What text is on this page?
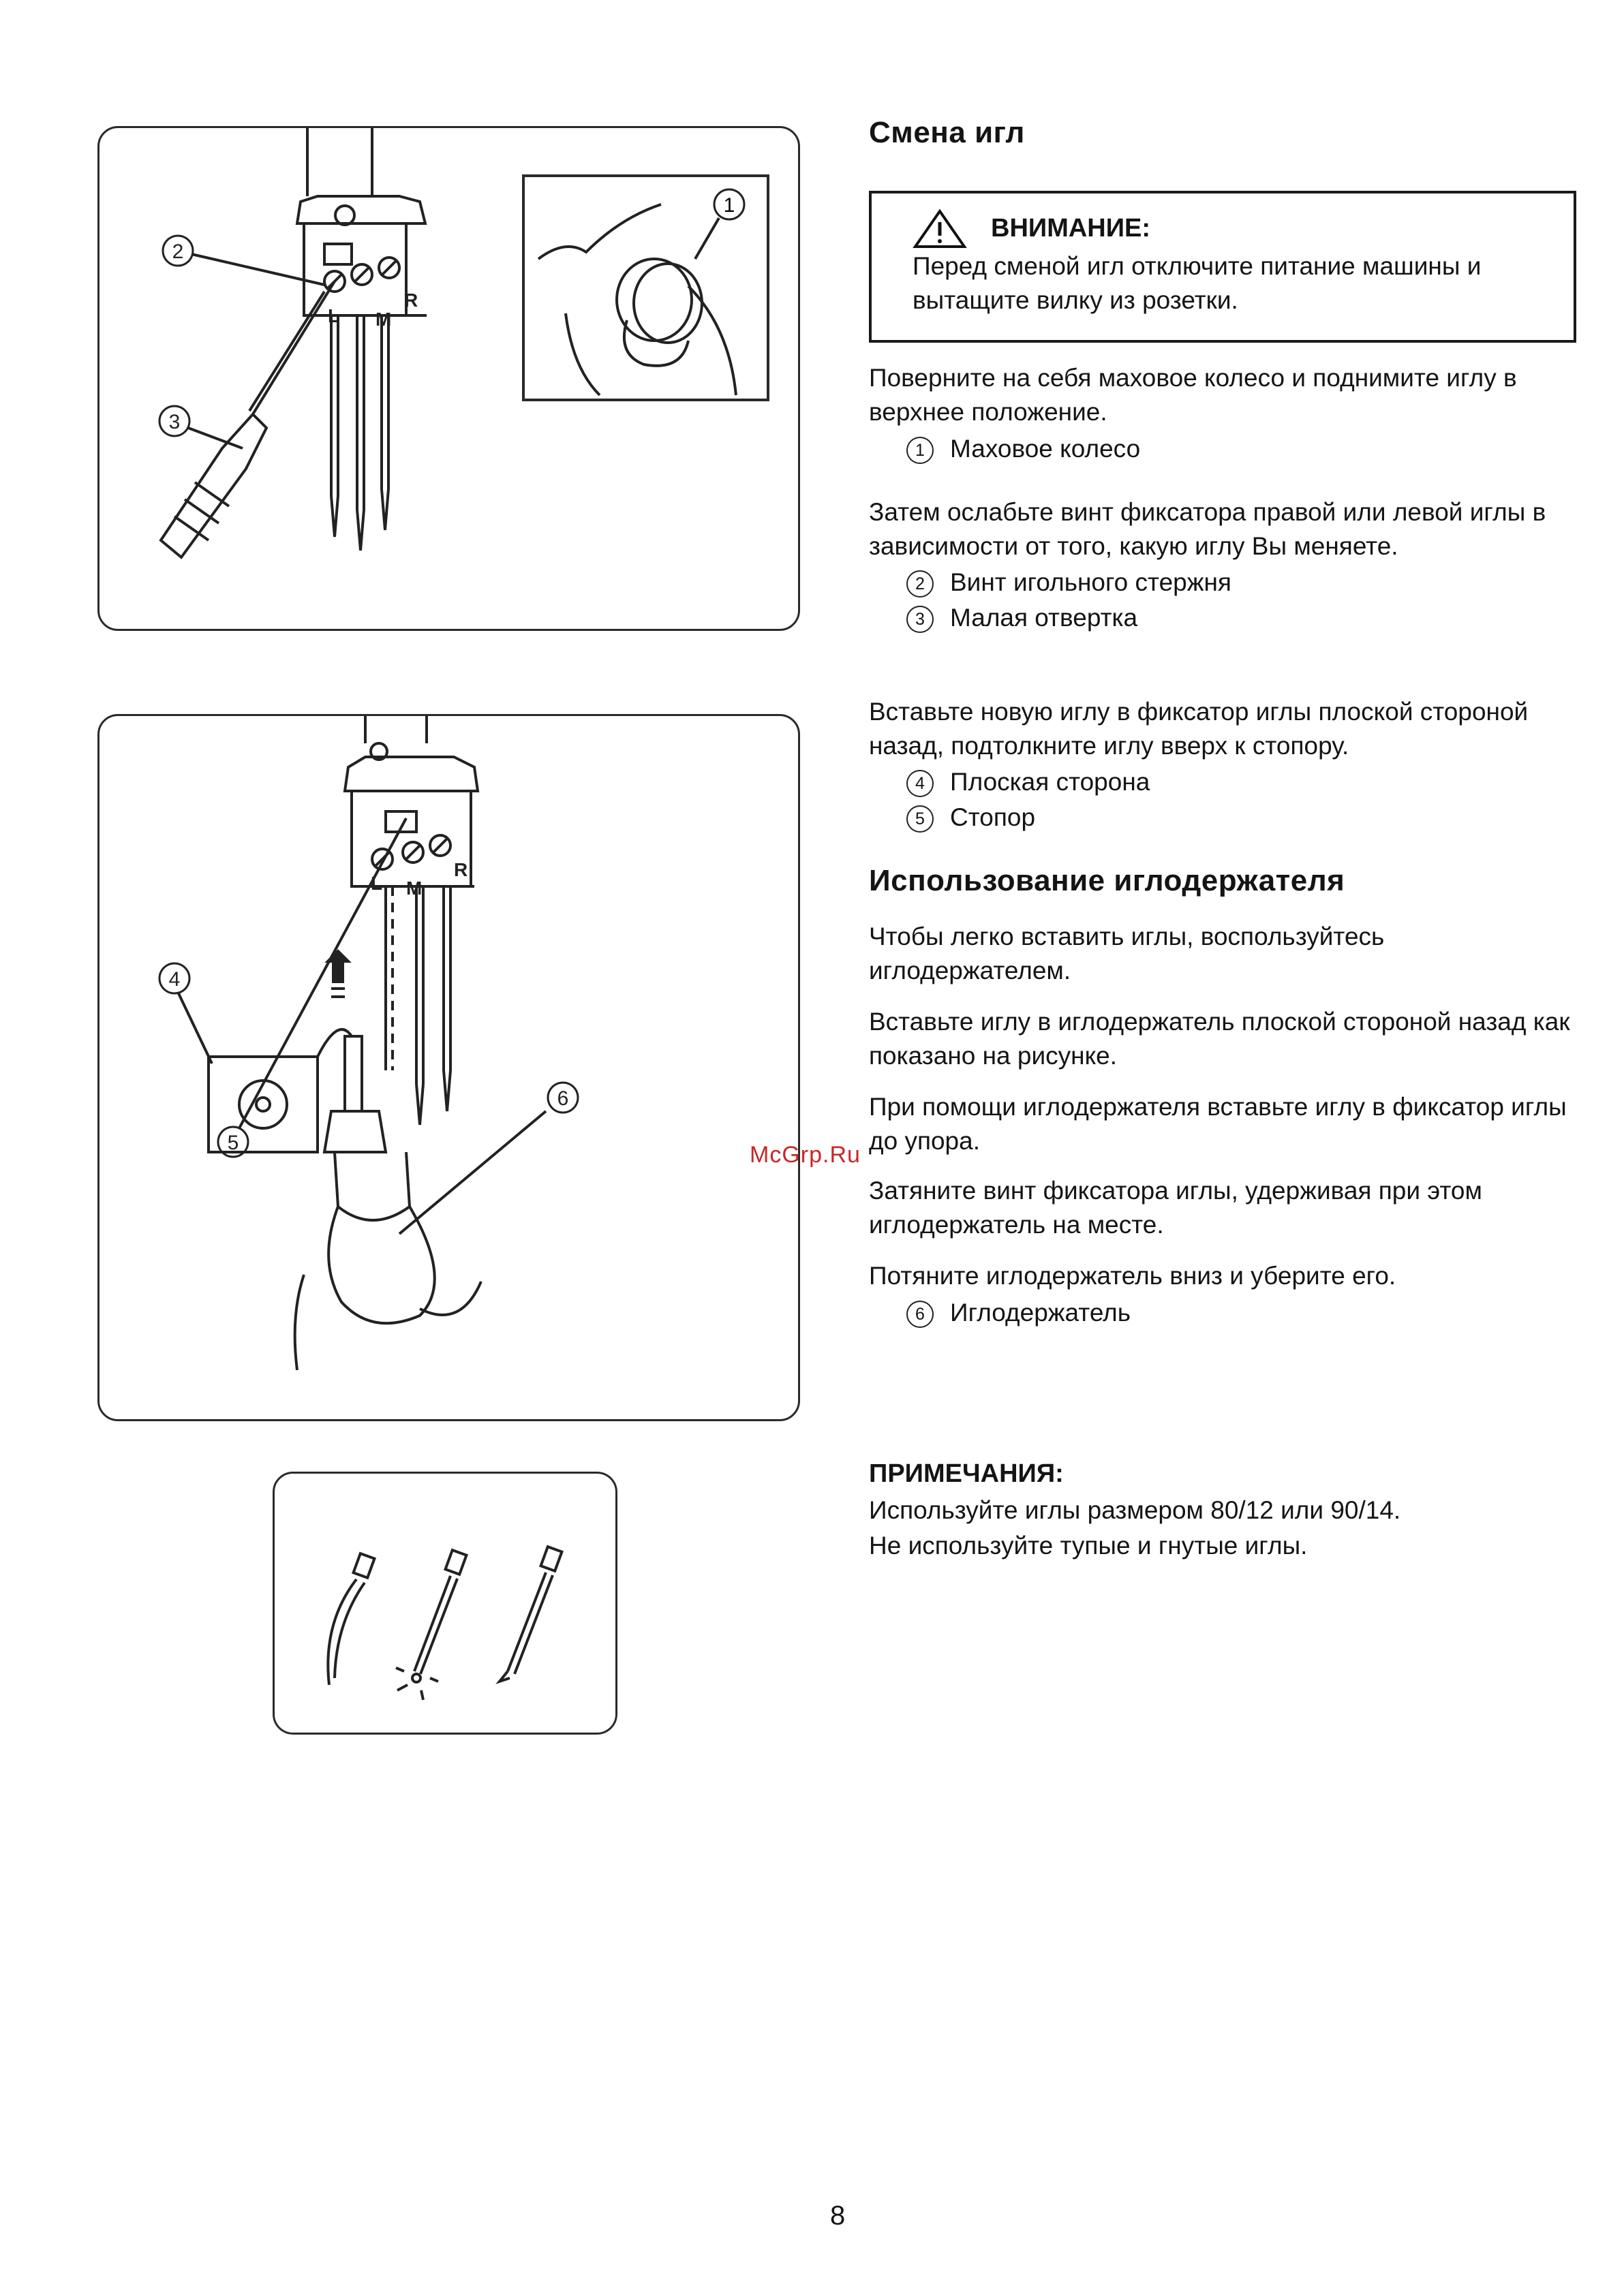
2
3
L M
R
1
5
4
6
L M
R
Смена игл
ВНИМАНИЕ:
Перед сменой игл отключите питание машины и вытащите вилку из розетки.

Поверните на себя маховое колесо и поднимите иглу в верхнее положение.

1 Маховое колесо

Затем ослабьте винт фиксатора правой или левой иглы в зависимости от того, какую иглу Вы меняете.

2 Винт игольного стержня
3 Малая отвертка

Вставьте новую иглу в фиксатор иглы плоской стороной назад, подтолкните иглу вверх к стопору.

4 Плоская сторона
5 Стопор
Использование иглодержателя

Чтобы легко вставить иглы, воспользуйтесь иглодержателем.

Вставьте иглу в иглодержатель плоской стороной назад как показано на рисунке.

При помощи иглодержателя вставьте иглу в фиксатор иглы до упора.

Затяните винт фиксатора иглы, удерживая при этом иглодержатель на месте.

Потяните иглодержатель вниз и уберите его.

6 Иглодержатель
ПРИМЕЧАНИЯ:
Используйте иглы размером 80/12 или 90/14.
Не используйте тупые и гнутые иглы.
McGrp.Ru
8
